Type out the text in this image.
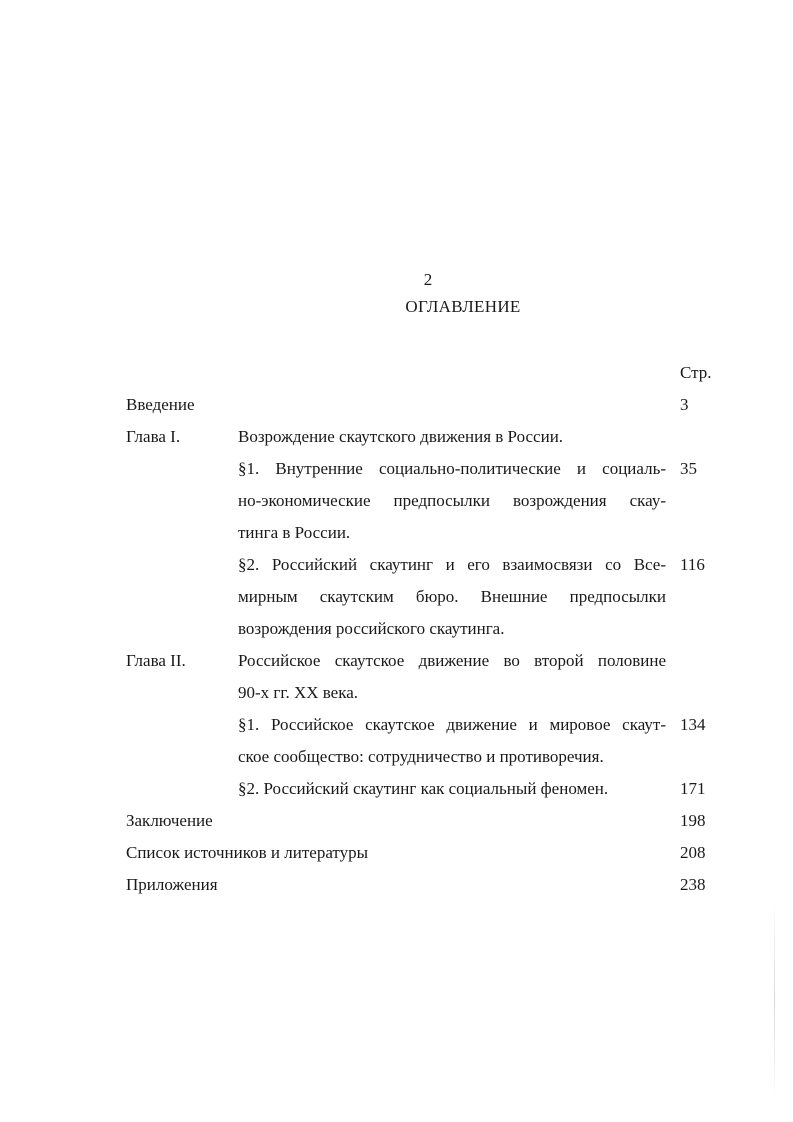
2
ОГЛАВЛЕНИЕ
Стр.
Введение	3
Глава I.	Возрождение скаутского движения в России.
§1. Внутренние социально-политические и социаль- 35
но-экономические предпосылки возрождения скау-
тинга в России.
§2. Российский скаутинг и его взаимосвязи со Все- 116
мирным скаутским бюро. Внешние предпосылки
возрождения российского скаутинга.
Глава II.	Российское скаутское движение во второй половине
90-х гг. XX века.
§1. Российское скаутское движение и мировое скаут- 134
ское сообщество: сотрудничество и противоречия.
§2. Российский скаутинг как социальный феномен.	171
Заключение	198
Список источников и литературы	208
Приложения	238
